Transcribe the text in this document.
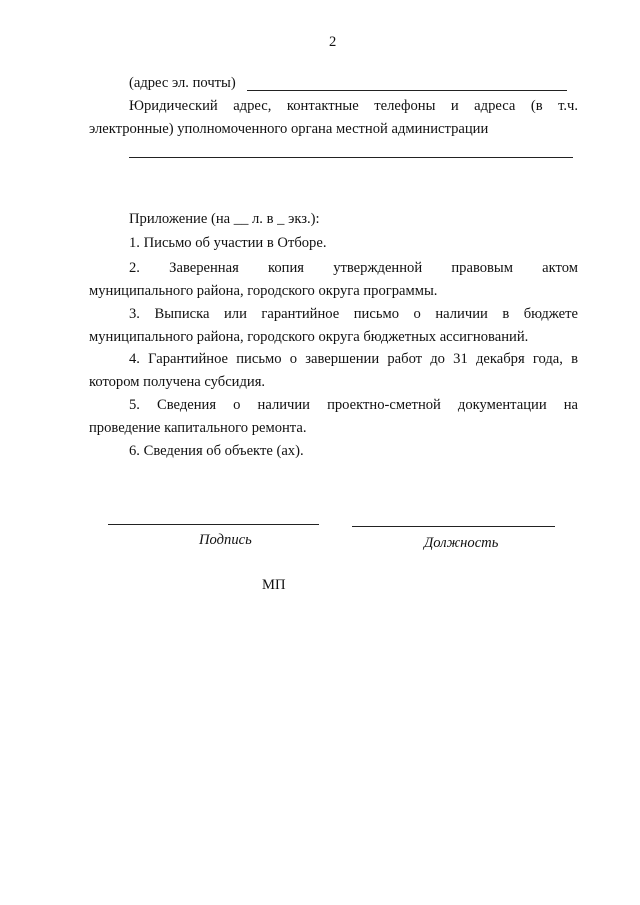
2
(адрес эл. почты)
Юридический адрес, контактные телефоны и адреса (в т.ч.
электронные) уполномоченного органа местной администрации
Приложение (на __ л. в _ экз.):
1. Письмо об участии в Отборе.
2. Заверенная копия утвержденной правовым актом
муниципального района, городского округа программы.
3. Выписка или гарантийное письмо о наличии в бюджете
муниципального района, городского округа бюджетных ассигнований.
4. Гарантийное письмо о завершении работ до 31 декабря года, в
котором получена субсидия.
5. Сведения о наличии проектно-сметной документации на
проведение капитального ремонта.
6. Сведения об объекте (ах).
Подпись	Должность
МП
